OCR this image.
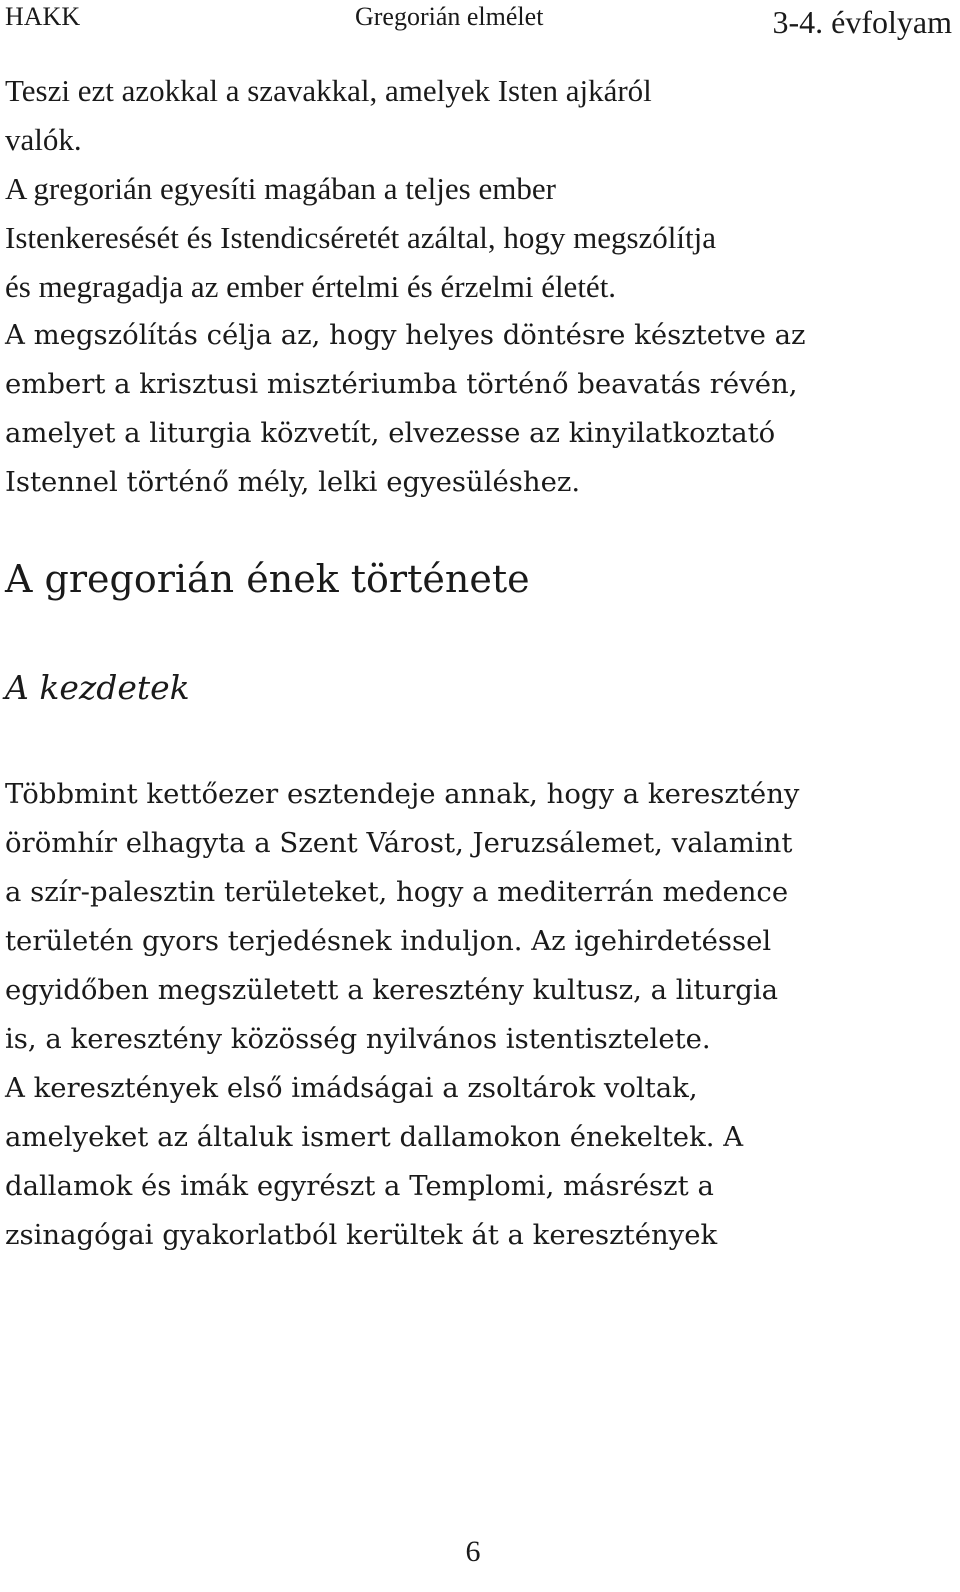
HAKK	Gregorián elmélet	3-4. évfolyam
Teszi ezt azokkal a szavakkal, amelyek Isten ajkáról
valók.
A gregorián egyesíti magában a teljes ember
Istenkeresését és Istendicséretét azáltal, hogy megszólítja
és megragadja az ember értelmi és érzelmi életét.
A megszólítás célja az, hogy helyes döntésre késztetve az
embert a krisztusi misztériumba történő beavatás révén,
amelyet a liturgia közvetít, elvezesse az kinyilatkoztató
Istennel történő mély, lelki egyesüléshez.
A gregorián ének története
A kezdetek
Többmint kettőezer esztendeje annak, hogy a keresztény
örömhír elhagyta a Szent Várost, Jeruzsálemet, valamint
a szír-palesztin területeket, hogy a mediterrán medence
területén gyors terjedésnek induljon. Az igehirdetéssel
egyidőben megszületett a keresztény kultusz, a liturgia
is, a keresztény közösség nyilvános istentisztelete.
A keresztények első imádságai a zsoltárok voltak,
amelyeket az általuk ismert dallamokon énekeltek. A
dallamok és imák egyrészt a Templomi, másrészt a
zsinagógai gyakorlatból kerültek át a keresztények
6
